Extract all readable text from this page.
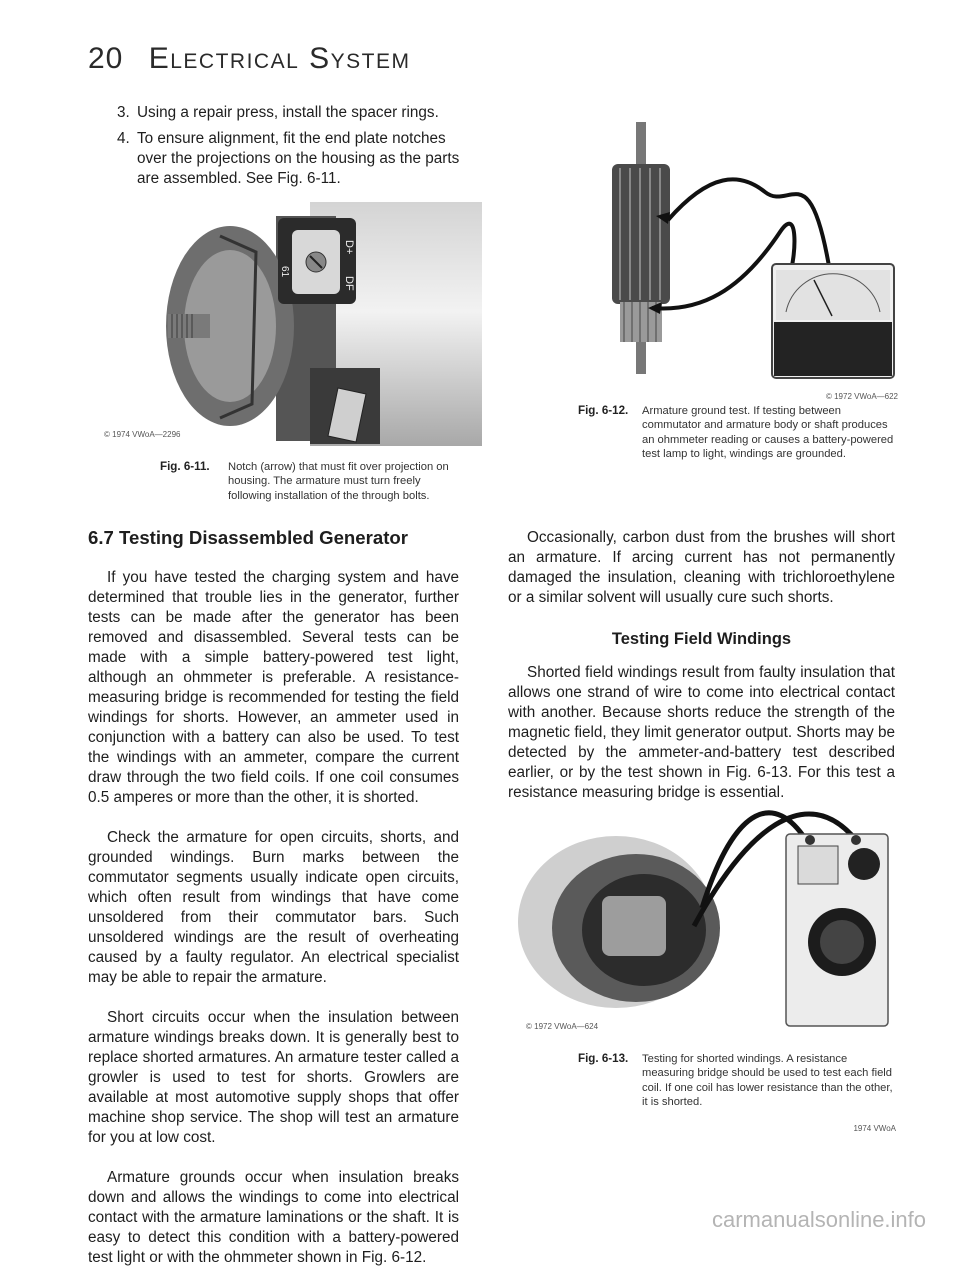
20 Electrical System
3. Using a repair press, install the spacer rings.
4. To ensure alignment, fit the end plate notches over the projections on the housing as the parts are assembled. See Fig. 6-11.
D+
DF
61
© 1974 VWoA—2296
Fig. 6-11. Notch (arrow) that must fit over projection on housing. The armature must turn freely following installation of the through bolts.
6.7 Testing Disassembled Generator

If you have tested the charging system and have determined that trouble lies in the generator, further tests can be made after the generator has been removed and disassembled. Several tests can be made with a simple battery-powered test light, although an ohmmeter is preferable. A resistance-measuring bridge is recommended for testing the field windings for shorts. However, an ammeter used in conjunction with a battery can also be used. To test the windings with an ammeter, compare the current draw through the two field coils. If one coil consumes 0.5 amperes or more than the other, it is shorted.

Check the armature for open circuits, shorts, and grounded windings. Burn marks between the commutator segments usually indicate open circuits, which often result from windings that have come unsoldered from their commutator bars. Such unsoldered windings are the result of overheating caused by a faulty regulator. An electrical specialist may be able to repair the armature.

Short circuits occur when the insulation between armature windings breaks down. It is generally best to replace shorted armatures. An armature tester called a growler is used to test for shorts. Growlers are available at most automotive supply shops that offer machine shop service. The shop will test an armature for you at low cost.

Armature grounds occur when insulation breaks down and allows the windings to come into electrical contact with the armature laminations or the shaft. It is easy to detect this condition with a battery-powered test light or with the ohmmeter shown in Fig. 6-12.

© 1972 VWoA—622
Fig. 6-12. Armature ground test. If testing between commutator and armature body or shaft produces an ohmmeter reading or causes a battery-powered test lamp to light, windings are grounded.

Occasionally, carbon dust from the brushes will short an armature. If arcing current has not permanently damaged the insulation, cleaning with trichloroethylene or a similar solvent will usually cure such shorts.

Testing Field Windings

Shorted field windings result from faulty insulation that allows one strand of wire to come into electrical contact with another. Because shorts reduce the strength of the magnetic field, they limit generator output. Shorts may be detected by the ammeter-and-battery test described earlier, or by the test shown in Fig. 6-13. For this test a resistance measuring bridge is essential.

© 1972 VWoA—624
Fig. 6-13. Testing for shorted windings. A resistance measuring bridge should be used to test each field coil. If one coil has lower resistance than the other, it is shorted.
1974 VWoA
carmanualsonline.info
